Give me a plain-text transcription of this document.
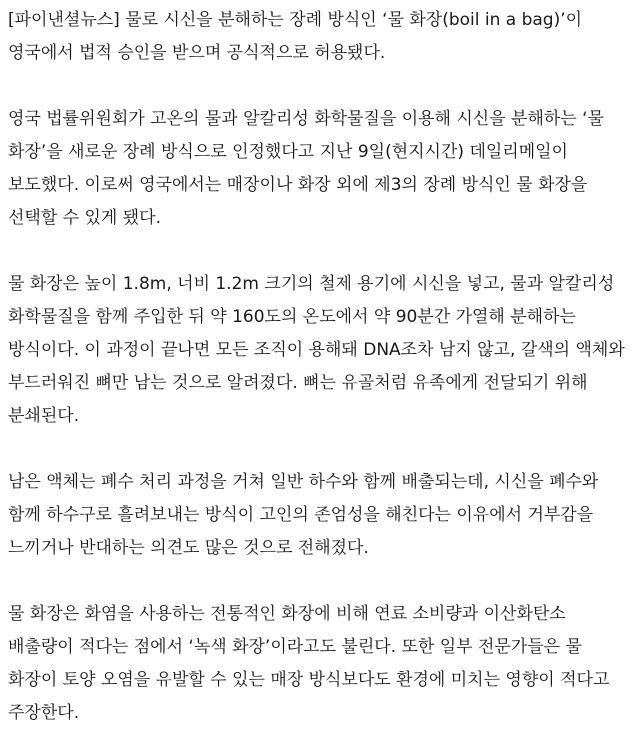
[파이낸셜뉴스] 물로 시신을 분해하는 장례 방식인 ‘물 화장(boil in a bag)’이
영국에서 법적 승인을 받으며 공식적으로 허용됐다.

영국 법률위원회가 고온의 물과 알칼리성 화학물질을 이용해 시신을 분해하는 ‘물
화장’을 새로운 장례 방식으로 인정했다고 지난 9일(현지시간) 데일리메일이
보도했다. 이로써 영국에서는 매장이나 화장 외에 제3의 장례 방식인 물 화장을
선택할 수 있게 됐다.

물 화장은 높이 1.8m, 너비 1.2m 크기의 철제 용기에 시신을 넣고, 물과 알칼리성
화학물질을 함께 주입한 뒤 약 160도의 온도에서 약 90분간 가열해 분해하는
방식이다. 이 과정이 끝나면 모든 조직이 용해돼 DNA조차 남지 않고, 갈색의 액체와
부드러워진 뼈만 남는 것으로 알려졌다. 뼈는 유골처럼 유족에게 전달되기 위해
분쇄된다.

남은 액체는 폐수 처리 과정을 거쳐 일반 하수와 함께 배출되는데, 시신을 폐수와
함께 하수구로 흘려보내는 방식이 고인의 존엄성을 해친다는 이유에서 거부감을
느끼거나 반대하는 의견도 많은 것으로 전해졌다.

물 화장은 화염을 사용하는 전통적인 화장에 비해 연료 소비량과 이산화탄소
배출량이 적다는 점에서 ‘녹색 화장’이라고도 불린다. 또한 일부 전문가들은 물
화장이 토양 오염을 유발할 수 있는 매장 방식보다도 환경에 미치는 영향이 적다고
주장한다.
